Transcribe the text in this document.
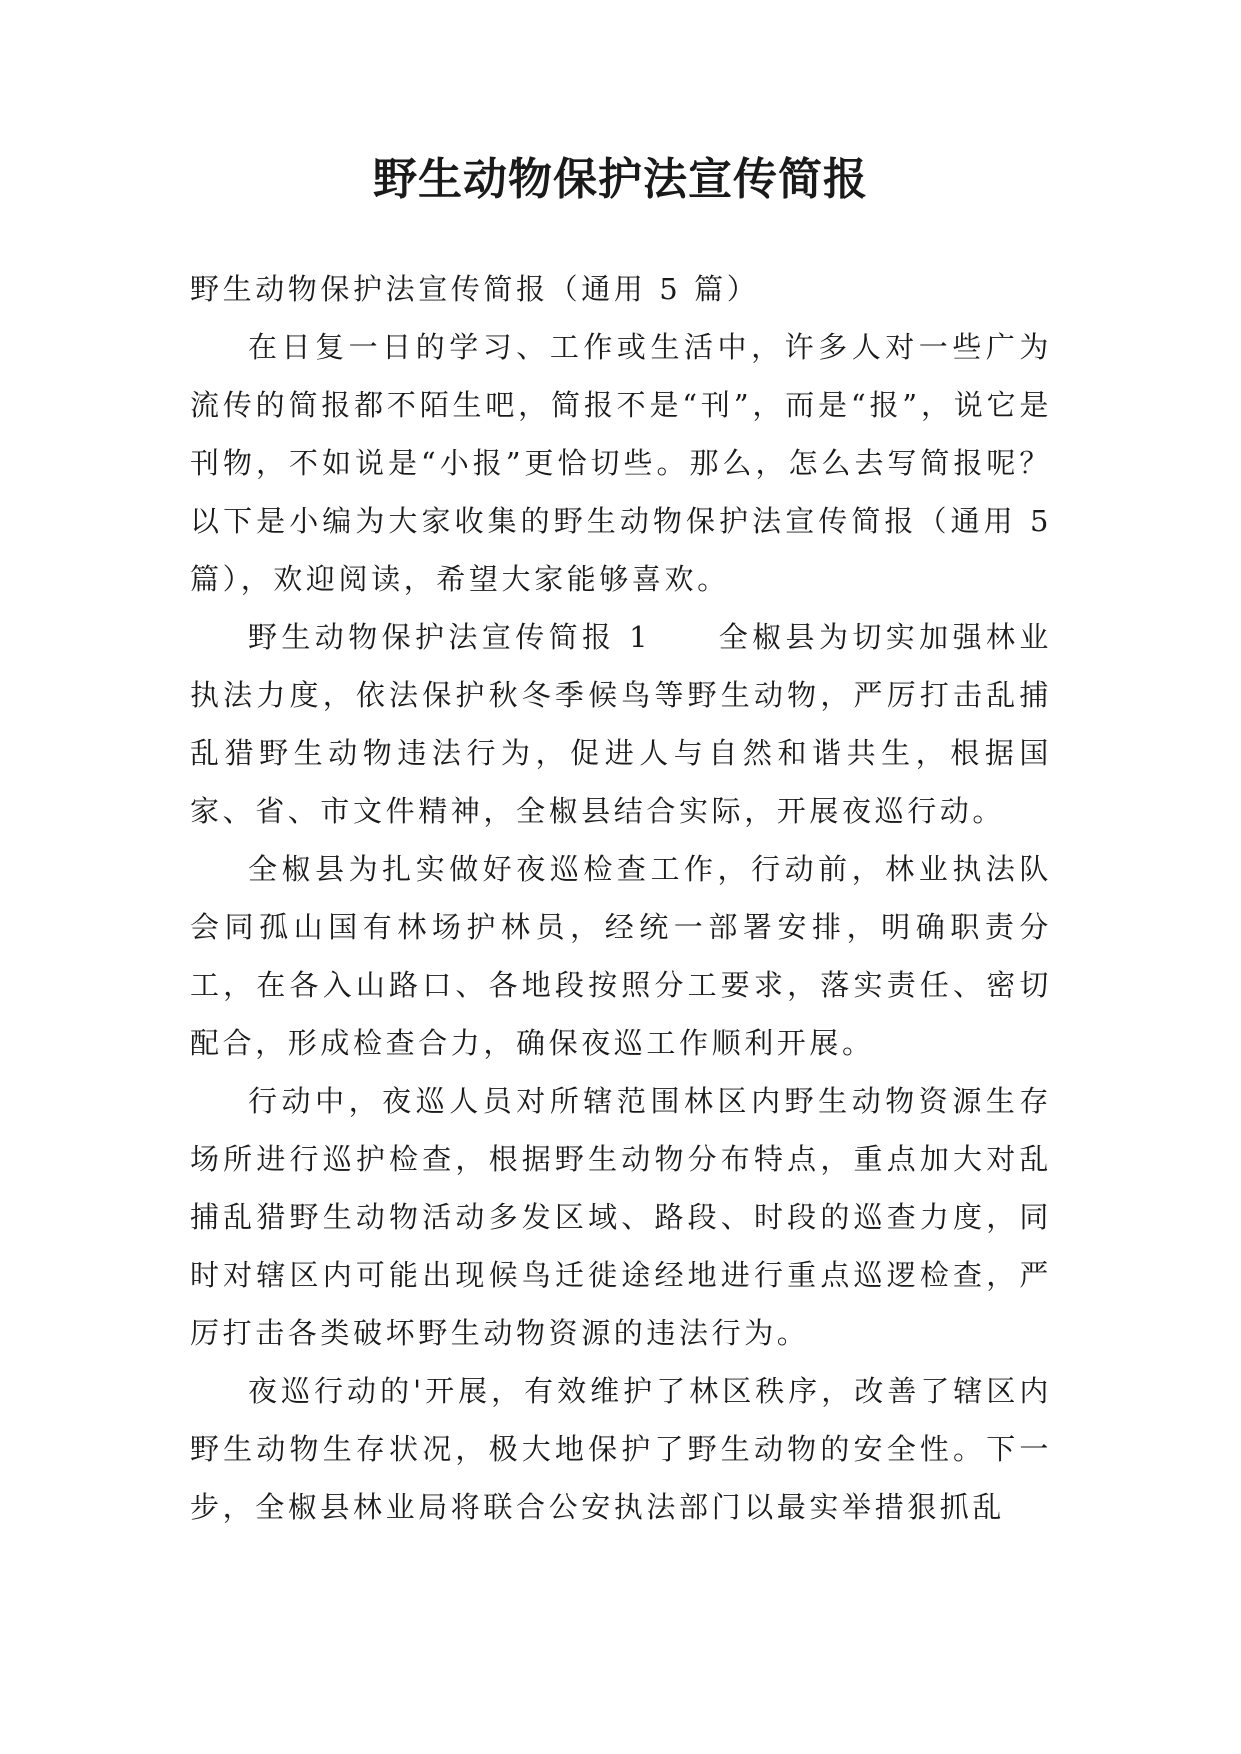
野生动物保护法宣传简报

野生动物保护法宣传简报（通用 5 篇）

在日复一日的学习、工作或生活中，许多人对一些广为流传的简报都不陌生吧，简报不是“刊”，而是“报”，说它是刊物，不如说是“小报”更恰切些。那么，怎么去写简报呢？以下是小编为大家收集的野生动物保护法宣传简报（通用 5 篇），欢迎阅读，希望大家能够喜欢。

野生动物保护法宣传简报 1　　全椒县为切实加强林业执法力度，依法保护秋冬季候鸟等野生动物，严厉打击乱捕乱猎野生动物违法行为，促进人与自然和谐共生，根据国家、省、市文件精神，全椒县结合实际，开展夜巡行动。

全椒县为扎实做好夜巡检查工作，行动前，林业执法队会同孤山国有林场护林员，经统一部署安排，明确职责分工，在各入山路口、各地段按照分工要求，落实责任、密切配合，形成检查合力，确保夜巡工作顺利开展。

行动中，夜巡人员对所辖范围林区内野生动物资源生存场所进行巡护检查，根据野生动物分布特点，重点加大对乱捕乱猎野生动物活动多发区域、路段、时段的巡查力度，同时对辖区内可能出现候鸟迁徙途经地进行重点巡逻检查，严厉打击各类破坏野生动物资源的违法行为。

夜巡行动的'开展，有效维护了林区秩序，改善了辖区内野生动物生存状况，极大地保护了野生动物的安全性。下一步，全椒县林业局将联合公安执法部门以最实举措狠抓乱
